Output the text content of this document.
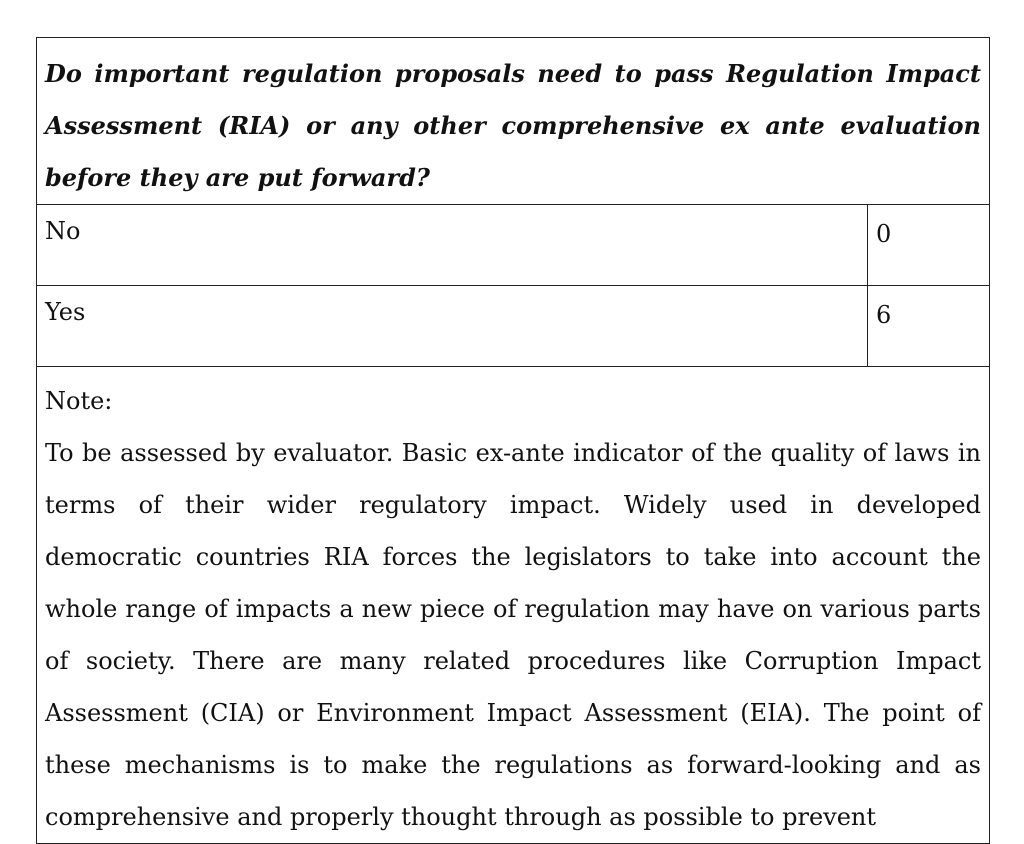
Do important regulation proposals need to pass Regulation Impact Assessment (RIA) or any other comprehensive ex ante evaluation before they are put forward?	

No	0

Yes	6

Note:
To be assessed by evaluator. Basic ex-ante indicator of the quality of laws in terms of their wider regulatory impact. Widely used in developed democratic countries RIA forces the legislators to take into account the whole range of impacts a new piece of regulation may have on various parts of society. There are many related procedures like Corruption Impact Assessment (CIA) or Environment Impact Assessment (EIA). The point of these mechanisms is to make the regulations as forward-looking and as comprehensive and properly thought through as possible to prevent	
